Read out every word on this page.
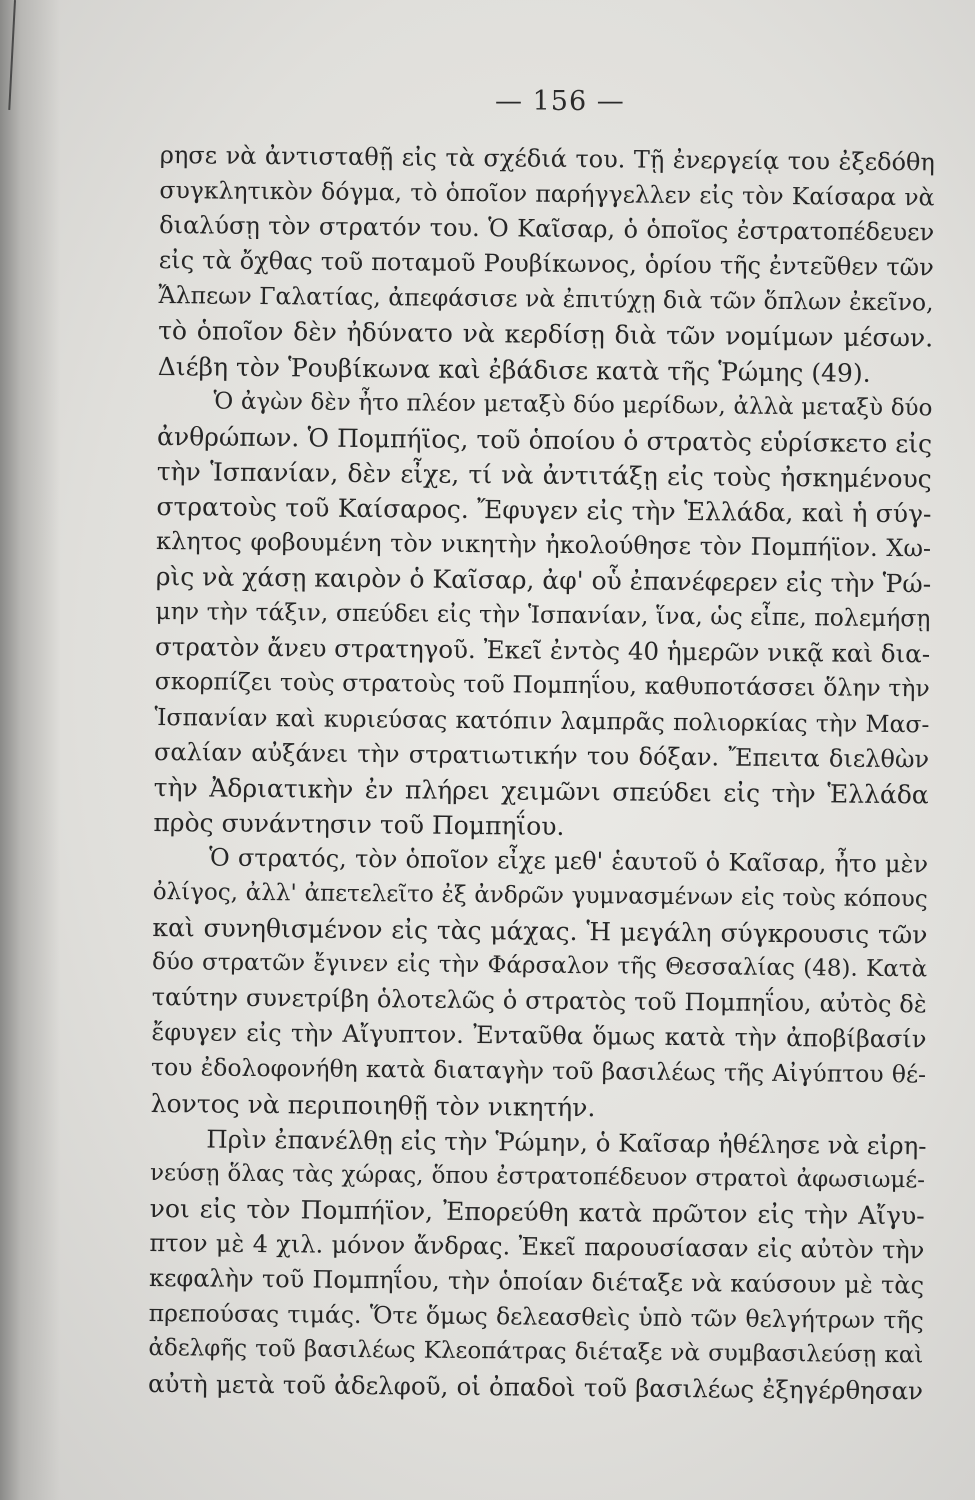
— 156 —
ρησε νὰ ἀντισταθῇ εἰς τὰ σχέδιά του. Τῇ ἐνεργείᾳ του ἐξεδόθη
συγκλητικὸν δόγμα, τὸ ὁποῖον παρήγγελλεν εἰς τὸν Καίσαρα νὰ
διαλύσῃ τὸν στρατόν του. Ὁ Καῖσαρ, ὁ ὁποῖος ἐστρατοπέδευεν
εἰς τὰ ὄχθας τοῦ ποταμοῦ Ρουβίκωνος, ὁρίου τῆς ἐντεῦθεν τῶν
Ἄλπεων Γαλατίας, ἀπεφάσισε νὰ ἐπιτύχῃ διὰ τῶν ὅπλων ἐκεῖνο,
τὸ ὁποῖον δὲν ἠδύνατο νὰ κερδίσῃ διὰ τῶν νομίμων μέσων.
Διέβη τὸν Ῥουβίκωνα καὶ ἐβάδισε κατὰ τῆς Ῥώμης (49).
Ὁ ἀγὼν δὲν ἦτο πλέον μεταξὺ δύο μερίδων, ἀλλὰ μεταξὺ δύο
ἀνθρώπων. Ὁ Πομπήϊος, τοῦ ὁποίου ὁ στρατὸς εὑρίσκετο εἰς
τὴν Ἱσπανίαν, δὲν εἶχε, τί νὰ ἀντιτάξῃ εἰς τοὺς ἠσκημένους
στρατοὺς τοῦ Καίσαρος. Ἔφυγεν εἰς τὴν Ἑλλάδα, καὶ ἡ σύγ-
κλητος φοβουμένη τὸν νικητὴν ἠκολούθησε τὸν Πομπήϊον. Χω-
ρὶς νὰ χάσῃ καιρὸν ὁ Καῖσαρ, ἀφ' οὗ ἐπανέφερεν εἰς τὴν Ῥώ-
μην τὴν τάξιν, σπεύδει εἰς τὴν Ἱσπανίαν, ἵνα, ὡς εἶπε, πολεμήσῃ
στρατὸν ἄνευ στρατηγοῦ. Ἐκεῖ ἐντὸς 40 ἡμερῶν νικᾷ καὶ δια-
σκορπίζει τοὺς στρατοὺς τοῦ Πομπηΐου, καθυποτάσσει ὅλην τὴν
Ἱσπανίαν καὶ κυριεύσας κατόπιν λαμπρᾶς πολιορκίας τὴν Μασ-
σαλίαν αὐξάνει τὴν στρατιωτικήν του δόξαν. Ἔπειτα διελθὼν
τὴν Ἀδριατικὴν ἐν πλήρει χειμῶνι σπεύδει εἰς τὴν Ἑλλάδα
πρὸς συνάντησιν τοῦ Πομπηΐου.
Ὁ στρατός, τὸν ὁποῖον εἶχε μεθ' ἑαυτοῦ ὁ Καῖσαρ, ἦτο μὲν
ὀλίγος, ἀλλ' ἀπετελεῖτο ἐξ ἀνδρῶν γυμνασμένων εἰς τοὺς κόπους
καὶ συνηθισμένον εἰς τὰς μάχας. Ἡ μεγάλη σύγκρουσις τῶν
δύο στρατῶν ἔγινεν εἰς τὴν Φάρσαλον τῆς Θεσσαλίας (48). Κατὰ
ταύτην συνετρίβη ὁλοτελῶς ὁ στρατὸς τοῦ Πομπηΐου, αὐτὸς δὲ
ἔφυγεν εἰς τὴν Αἴγυπτον. Ἐνταῦθα ὅμως κατὰ τὴν ἀποβίβασίν
του ἐδολοφονήθη κατὰ διαταγὴν τοῦ βασιλέως τῆς Αἰγύπτου θέ-
λοντος νὰ περιποιηθῇ τὸν νικητήν.
Πρὶν ἐπανέλθῃ εἰς τὴν Ῥώμην, ὁ Καῖσαρ ἠθέλησε νὰ εἰρη-
νεύσῃ ὅλας τὰς χώρας, ὅπου ἐστρατοπέδευον στρατοὶ ἀφωσιωμέ-
νοι εἰς τὸν Πομπήϊον, Ἐπορεύθη κατὰ πρῶτον εἰς τὴν Αἴγυ-
πτον μὲ 4 χιλ. μόνον ἄνδρας. Ἐκεῖ παρουσίασαν εἰς αὐτὸν τὴν
κεφαλὴν τοῦ Πομπηΐου, τὴν ὁποίαν διέταξε νὰ καύσουν μὲ τὰς
πρεπούσας τιμάς. Ὅτε ὅμως δελεασθεὶς ὑπὸ τῶν θελγήτρων τῆς
ἀδελφῆς τοῦ βασιλέως Κλεοπάτρας διέταξε νὰ συμβασιλεύσῃ καὶ
αὐτὴ μετὰ τοῦ ἀδελφοῦ, οἱ ὀπαδοὶ τοῦ βασιλέως ἐξηγέρθησαν
